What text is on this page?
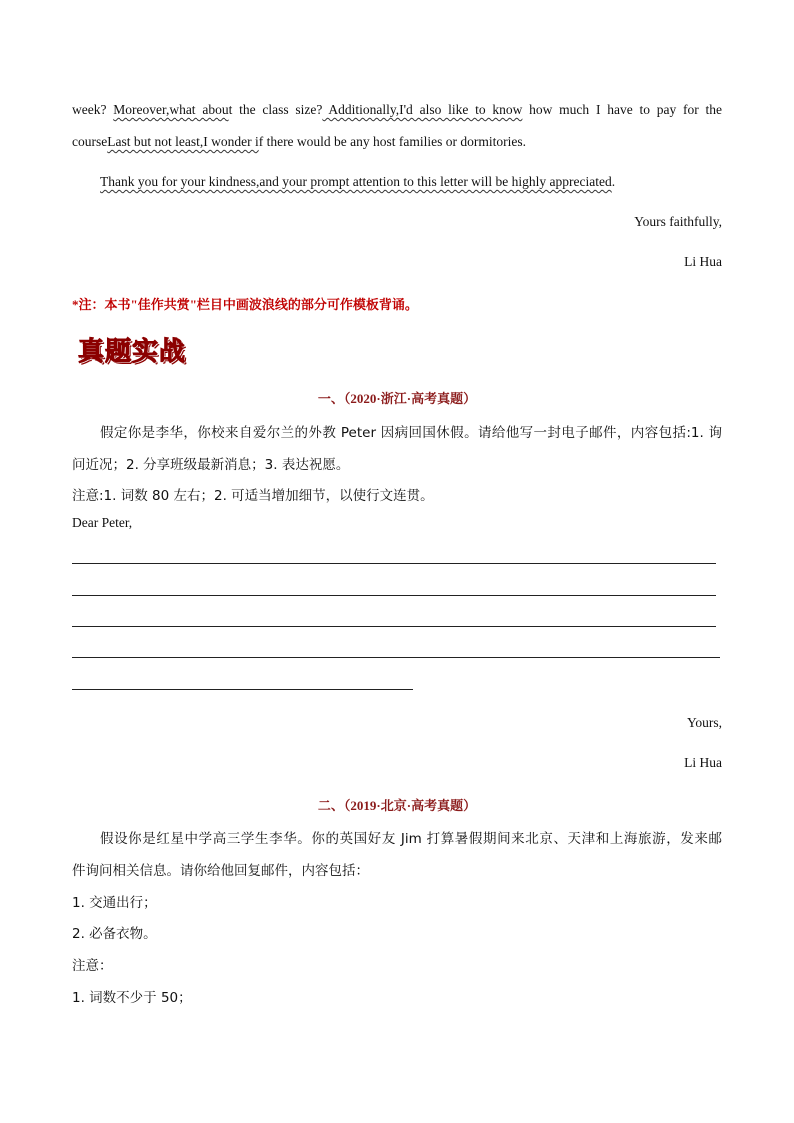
week? Moreover,what about the class size? Additionally,I'd also like to know how much I have to pay for the
courseLast but not least,I wonder if there would be any host families or dormitories.
Thank you for your kindness,and your prompt attention to this letter will be highly appreciated.
Yours faithfully,
Li Hua
*注：本书"佳作共赏"栏目中画波浪线的部分可作模板背诵。
真题实战
一、（2020·浙江·高考真题）
假定你是李华，你校来自爱尔兰的外教 Peter 因病回国休假。请给他写一封电子邮件，内容包括:1. 询
问近况；2. 分享班级最新消息；3. 表达祝愿。
注意:1. 词数 80 左右；2. 可适当增加细节，以使行文连贯。
Dear Peter,
Yours,
Li Hua
二、（2019·北京·高考真题）
假设你是红星中学高三学生李华。你的英国好友 Jim 打算暑假期间来北京、天津和上海旅游，发来邮
件询问相关信息。请你给他回复邮件，内容包括：
1. 交通出行；
2. 必备衣物。
注意：
1. 词数不少于 50；
